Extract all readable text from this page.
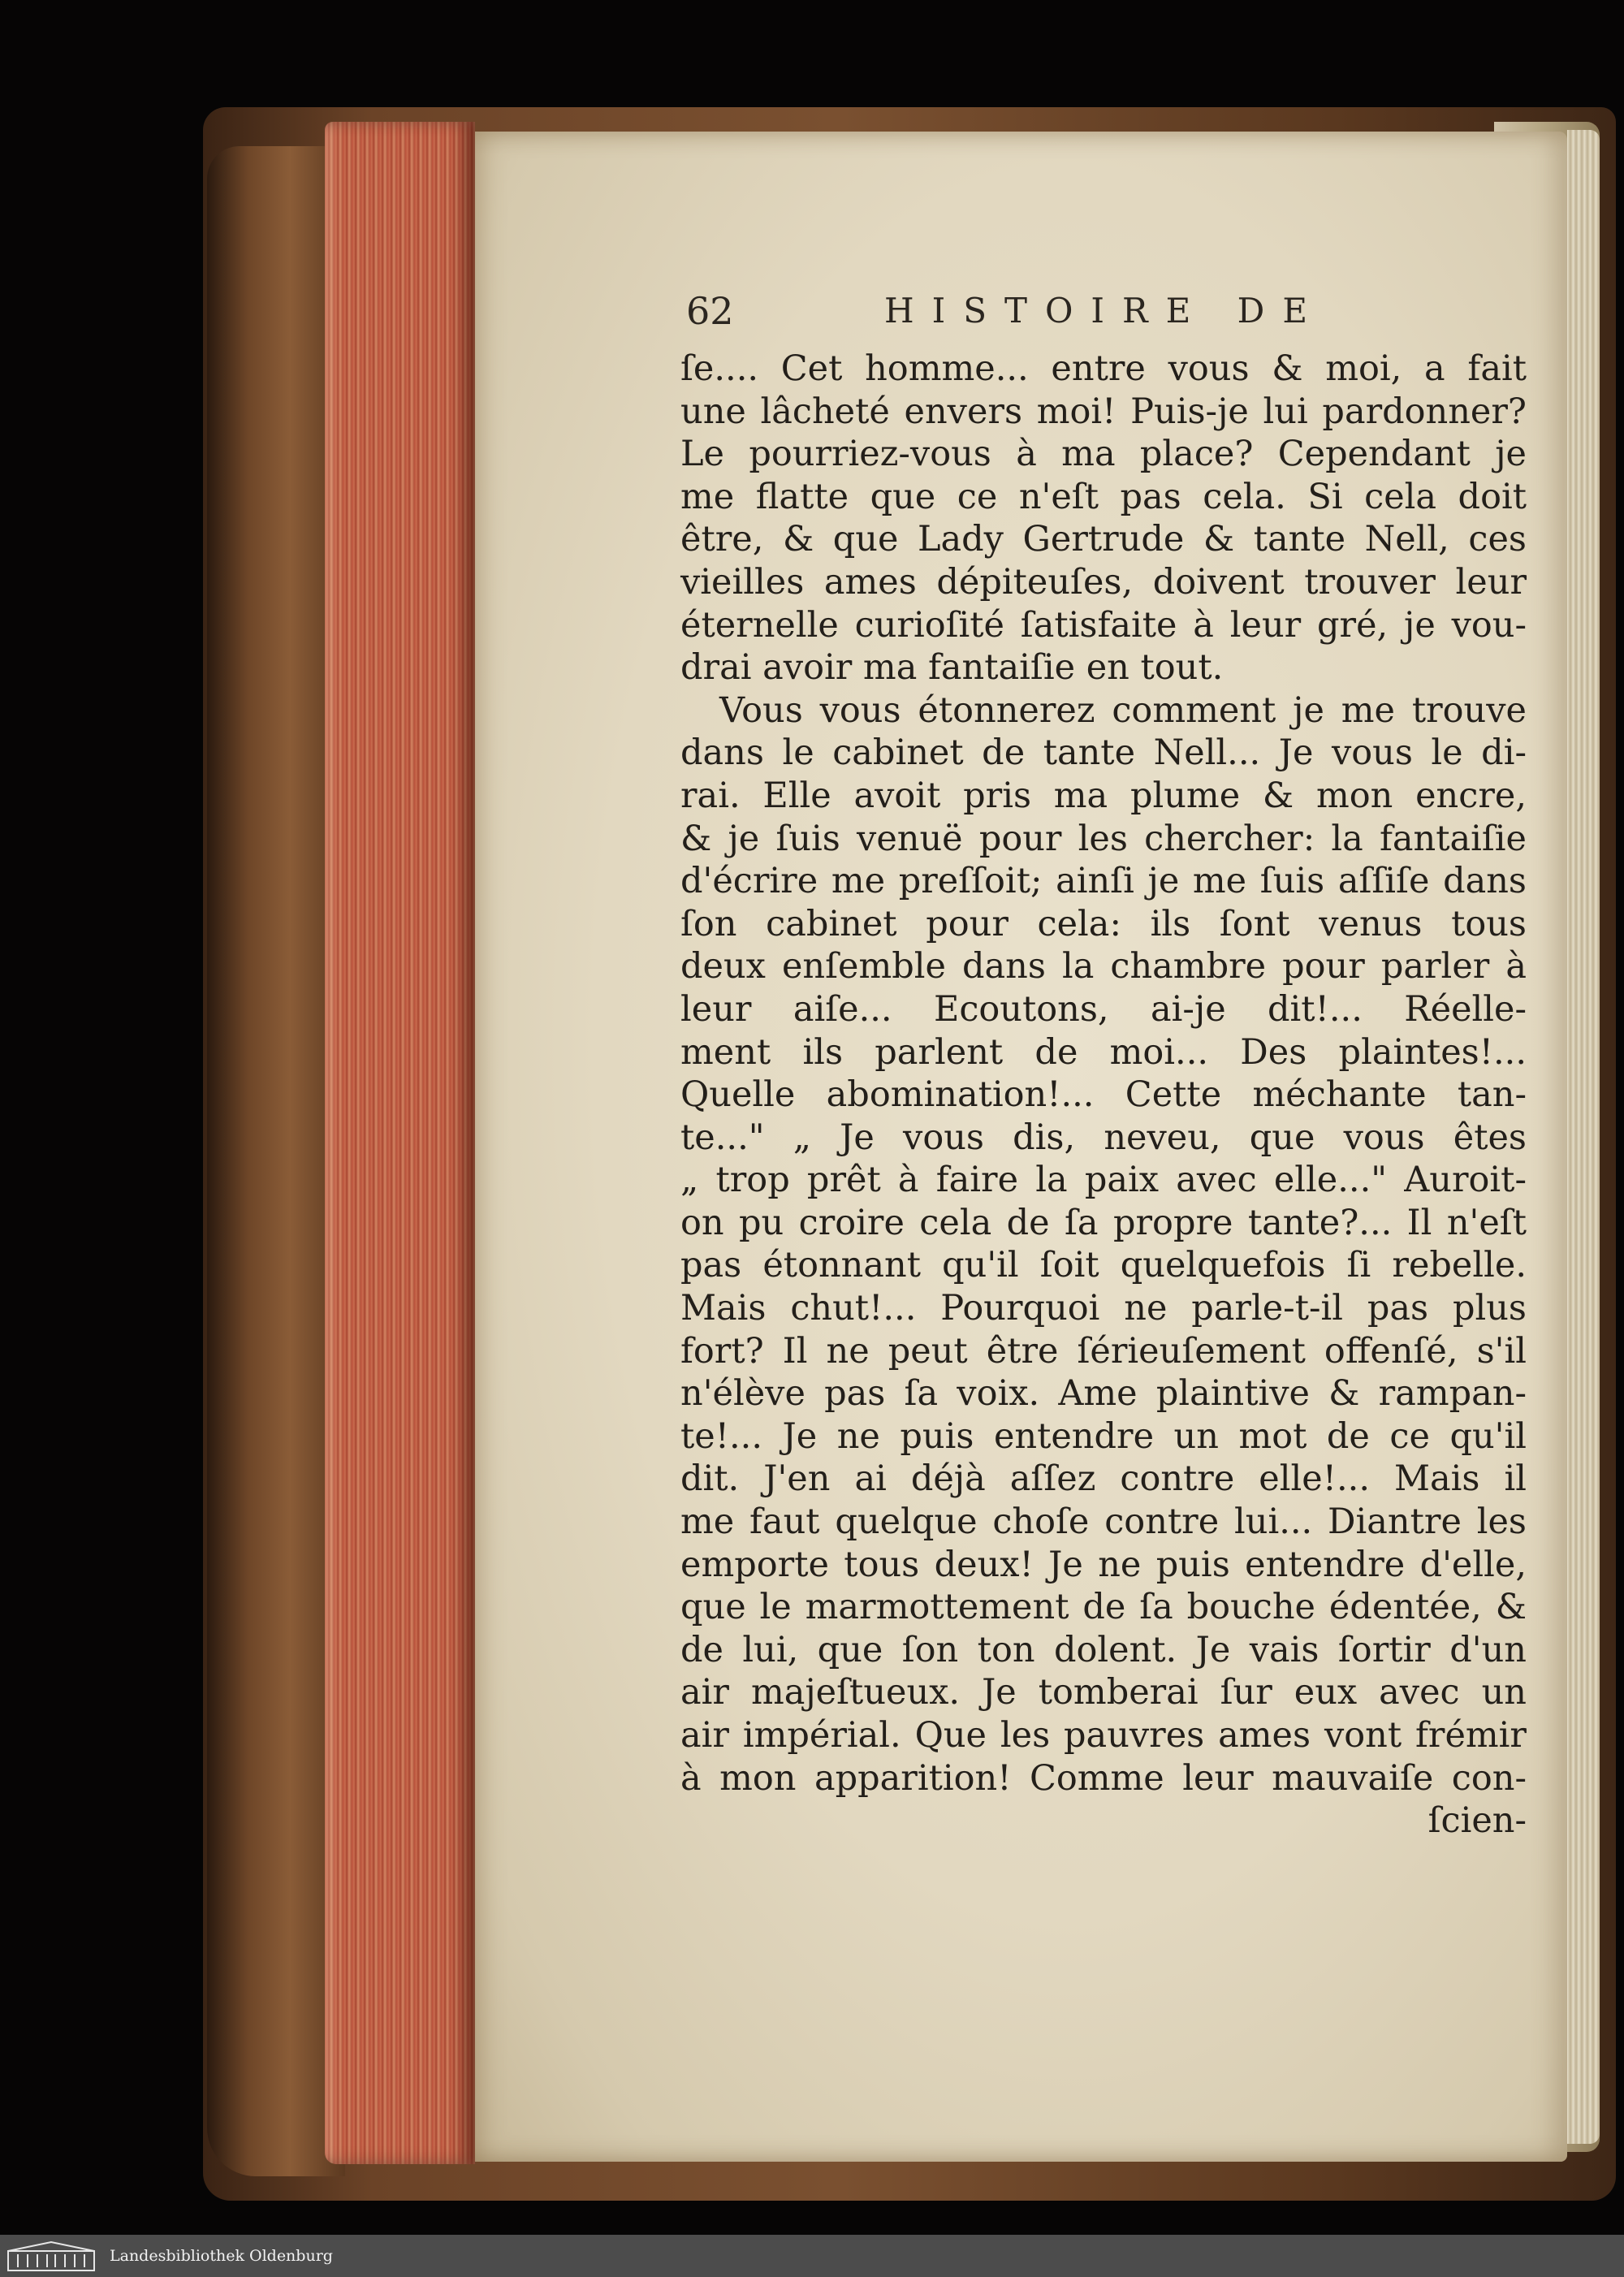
62	HISTOIRE DE
ſe.... Cet homme... entre vous & moi, a fait
une lâcheté envers moi! Puis-je lui pardonner?
Le pourriez-vous à ma place? Cependant je
me flatte que ce n'eſt pas cela. Si cela doit
être, & que Lady Gertrude & tante Nell, ces
vieilles ames dépiteuſes, doivent trouver leur
éternelle curioſité ſatisfaite à leur gré, je vou-
drai avoir ma fantaiſie en tout.
Vous vous étonnerez comment je me trouve
dans le cabinet de tante Nell... Je vous le di-
rai. Elle avoit pris ma plume & mon encre,
& je ſuis venuë pour les chercher: la fantaiſie
d'écrire me preſſoit; ainſi je me ſuis aſſiſe dans
ſon cabinet pour cela: ils ſont venus tous
deux enſemble dans la chambre pour parler à
leur aiſe... Ecoutons, ai-je dit!... Réelle-
ment ils parlent de moi... Des plaintes!...
Quelle abomination!... Cette méchante tan-
te..." „ Je vous dis, neveu, que vous êtes
„ trop prêt à faire la paix avec elle..." Auroit-
on pu croire cela de ſa propre tante?... Il n'eſt
pas étonnant qu'il ſoit quelquefois ſi rebelle.
Mais chut!... Pourquoi ne parle-t-il pas plus
fort? Il ne peut être ſérieuſement offenſé, s'il
n'élève pas ſa voix. Ame plaintive & rampan-
te!... Je ne puis entendre un mot de ce qu'il
dit. J'en ai déjà aſſez contre elle!... Mais il
me faut quelque choſe contre lui... Diantre les
emporte tous deux! Je ne puis entendre d'elle,
que le marmottement de ſa bouche édentée, &
de lui, que ſon ton dolent. Je vais ſortir d'un
air majeſtueux. Je tomberai ſur eux avec un
air impérial. Que les pauvres ames vont frémir
à mon apparition! Comme leur mauvaiſe con-
ſcien-
Landesbibliothek Oldenburg
